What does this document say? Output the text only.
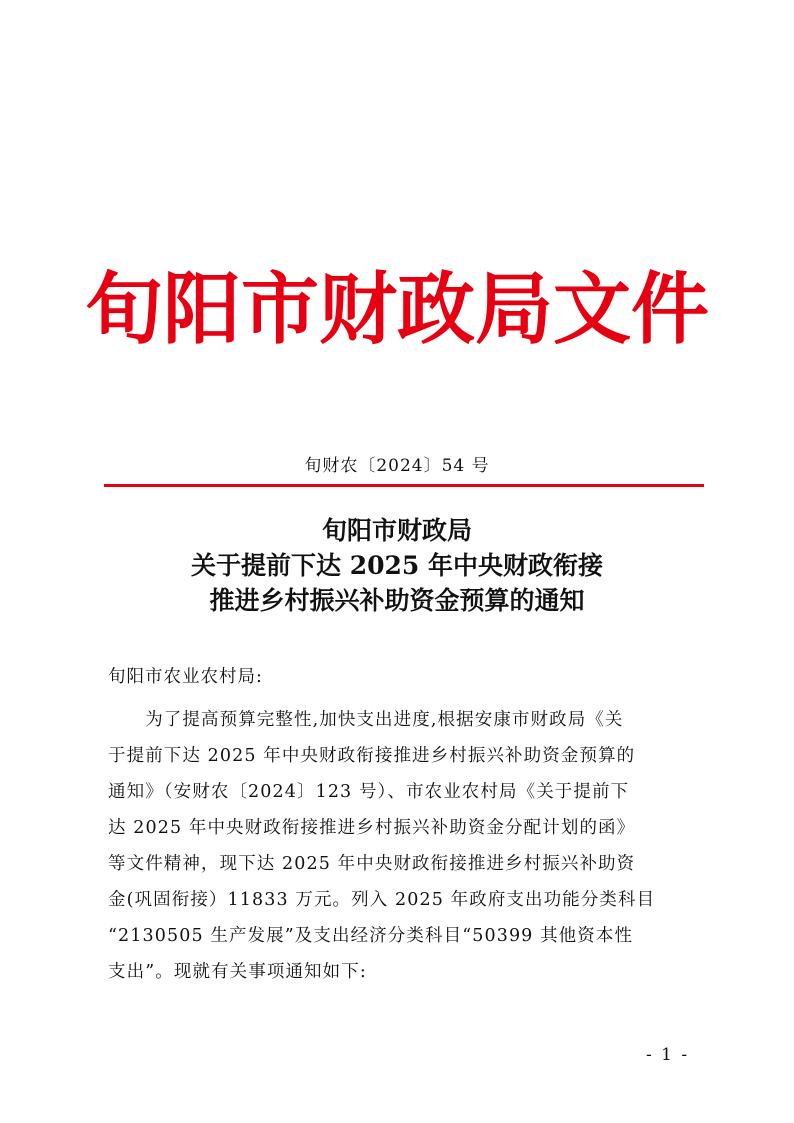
旬阳市财政局文件
旬财农〔2024〕54 号
旬阳市财政局
关于提前下达 2025 年中央财政衔接
推进乡村振兴补助资金预算的通知
旬阳市农业农村局:
　　为了提高预算完整性,加快支出进度,根据安康市财政局《关
于提前下达 2025 年中央财政衔接推进乡村振兴补助资金预算的
通知》（安财农〔2024〕123 号）、市农业农村局《关于提前下
达 2025 年中央财政衔接推进乡村振兴补助资金分配计划的函》
等文件精神，现下达 2025 年中央财政衔接推进乡村振兴补助资
金(巩固衔接）11833 万元。列入 2025 年政府支出功能分类科目
“2130505 生产发展”及支出经济分类科目“50399 其他资本性
支出”。现就有关事项通知如下:
- 1 -
